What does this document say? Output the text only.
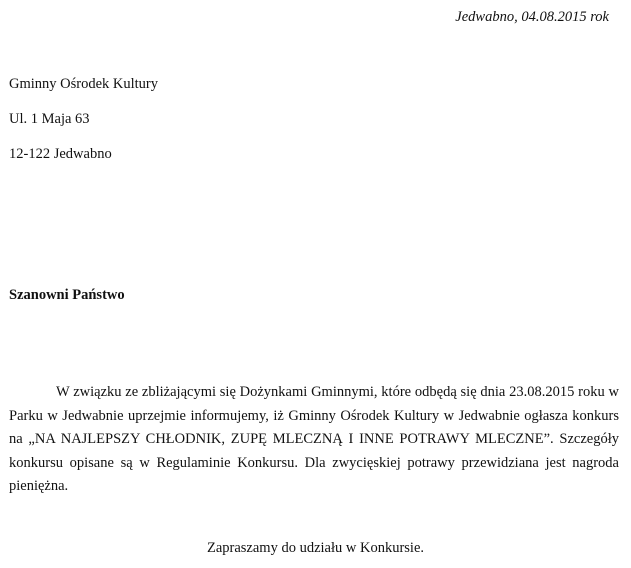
Jedwabno, 04.08.2015 rok
Gminny Ośrodek Kultury
Ul. 1 Maja 63
12-122 Jedwabno
Szanowni Państwo

W związku ze zbliżającymi się Dożynkami Gminnymi, które odbędą się dnia 23.08.2015 roku w Parku w Jedwabnie uprzejmie informujemy, iż Gminny Ośrodek Kultury w Jedwabnie ogłasza konkurs na „NA NAJLEPSZY CHŁODNIK, ZUPĘ MLECZNĄ I INNE POTRAWY MLECZNE”. Szczegóły konkursu opisane są w Regulaminie Konkursu. Dla zwycięskiej potrawy przewidziana jest nagroda pieniężna.

Zapraszamy do udziału w Konkursie.
